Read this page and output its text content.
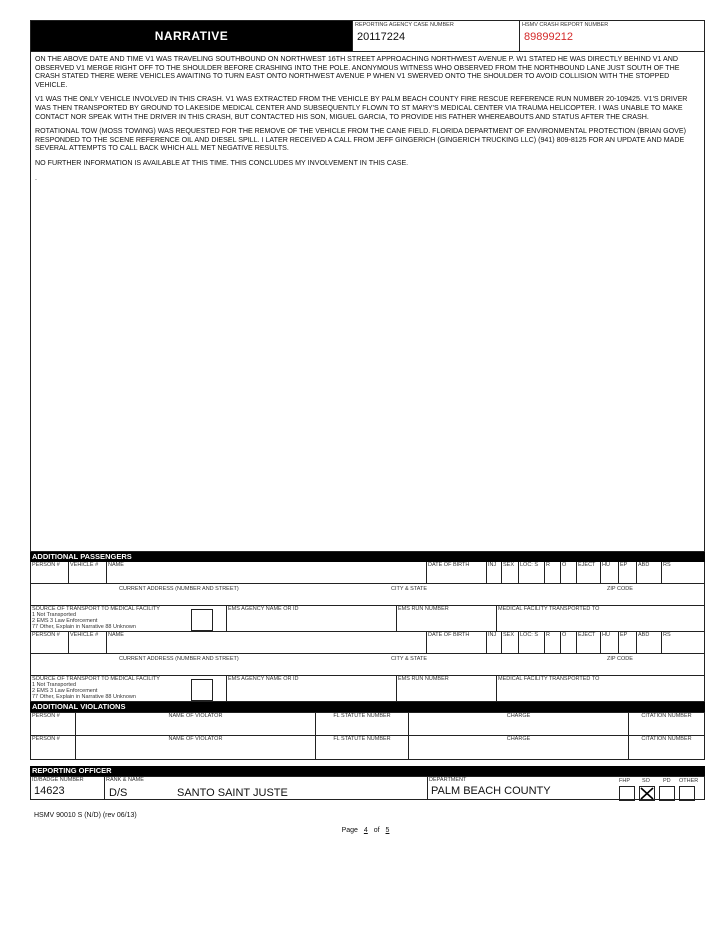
NARRATIVE
REPORTING AGENCY CASE NUMBER
20117224
HSMV CRASH REPORT NUMBER
89899212

ON THE ABOVE DATE AND TIME V1 WAS TRAVELING SOUTHBOUND ON NORTHWEST 16TH STREET APPROACHING NORTHWEST AVENUE P. W1 STATED HE WAS DIRECTLY BEHIND V1 AND OBSERVED V1 MERGE RIGHT OFF TO THE SHOULDER BEFORE CRASHING INTO THE POLE. ANONYMOUS WITNESS WHO OBSERVED FROM THE NORTHBOUND LANE JUST SOUTH OF THE CRASH STATED THERE WERE VEHICLES AWAITING TO TURN EAST ONTO NORTHWEST AVENUE P WHEN V1 SWERVED ONTO THE SHOULDER TO AVOID COLLISION WITH THE STOPPED VEHICLE.

V1 WAS THE ONLY VEHICLE INVOLVED IN THIS CRASH. V1 WAS EXTRACTED FROM THE VEHICLE BY PALM BEACH COUNTY FIRE RESCUE REFERENCE RUN NUMBER 20-109425. V1'S DRIVER WAS THEN TRANSPORTED BY GROUND TO LAKESIDE MEDICAL CENTER AND SUBSEQUENTLY FLOWN TO ST MARY'S MEDICAL CENTER VIA TRAUMA HELICOPTER. I WAS UNABLE TO MAKE CONTACT NOR SPEAK WITH THE DRIVER IN THIS CRASH, BUT CONTACTED HIS SON, MIGUEL GARCIA, TO PROVIDE HIS FATHER WHEREABOUTS AND STATUS AFTER THE CRASH.

ROTATIONAL TOW (MOSS TOWING) WAS REQUESTED FOR THE REMOVE OF THE VEHICLE FROM THE CANE FIELD. FLORIDA DEPARTMENT OF ENVIRONMENTAL PROTECTION (BRIAN GOVE) RESPONDED TO THE SCENE REFERENCE OIL AND DIESEL SPILL. I LATER RECEIVED A CALL FROM JEFF GINGERICH (GINGERICH TRUCKING LLC) (941) 809-8125 FOR AN UPDATE AND MADE SEVERAL ATTEMPTS TO CALL BACK WHICH ALL MET NEGATIVE RESULTS.

NO FURTHER INFORMATION IS AVAILABLE AT THIS TIME. THIS CONCLUDES MY INVOLVEMENT IN THIS CASE.

.

ADDITIONAL PASSENGERS
PERSON #	VEHICLE #	NAME	DATE OF BIRTH	INJ	SEX	LOC: S	R	O	EJECT	HU	EP	ABD	RS
CURRENT ADDRESS (NUMBER AND STREET)	CITY & STATE	ZIP CODE
SOURCE OF TRANSPORT TO MEDICAL FACILITY
1 Not Transported
2 EMS 3 Law Enforcement
77 Other, Explain in Narrative 88 Unknown
EMS AGENCY NAME OR ID	EMS RUN NUMBER	MEDICAL FACILITY TRANSPORTED TO
PERSON #	VEHICLE #	NAME	DATE OF BIRTH	INJ	SEX	LOC: S	R	O	EJECT	HU	EP	ABD	RS
CURRENT ADDRESS (NUMBER AND STREET)	CITY & STATE	ZIP CODE
SOURCE OF TRANSPORT TO MEDICAL FACILITY
1 Not Transported
2 EMS 3 Law Enforcement
77 Other, Explain in Narrative 88 Unknown
EMS AGENCY NAME OR ID	EMS RUN NUMBER	MEDICAL FACILITY TRANSPORTED TO
ADDITIONAL VIOLATIONS
PERSON #	NAME OF VIOLATOR	FL STATUTE NUMBER	CHARGE	CITATION NUMBER
PERSON #	NAME OF VIOLATOR	FL STATUTE NUMBER	CHARGE	CITATION NUMBER
REPORTING OFFICER
ID/BADGE NUMBER
14623
RANK & NAME
D/S	SANTO SAINT JUSTE
DEPARTMENT
PALM BEACH COUNTY
FHP SO PD OTHER
HSMV 90010 S (N/D) (rev 06/13)
Page 4 of 5
